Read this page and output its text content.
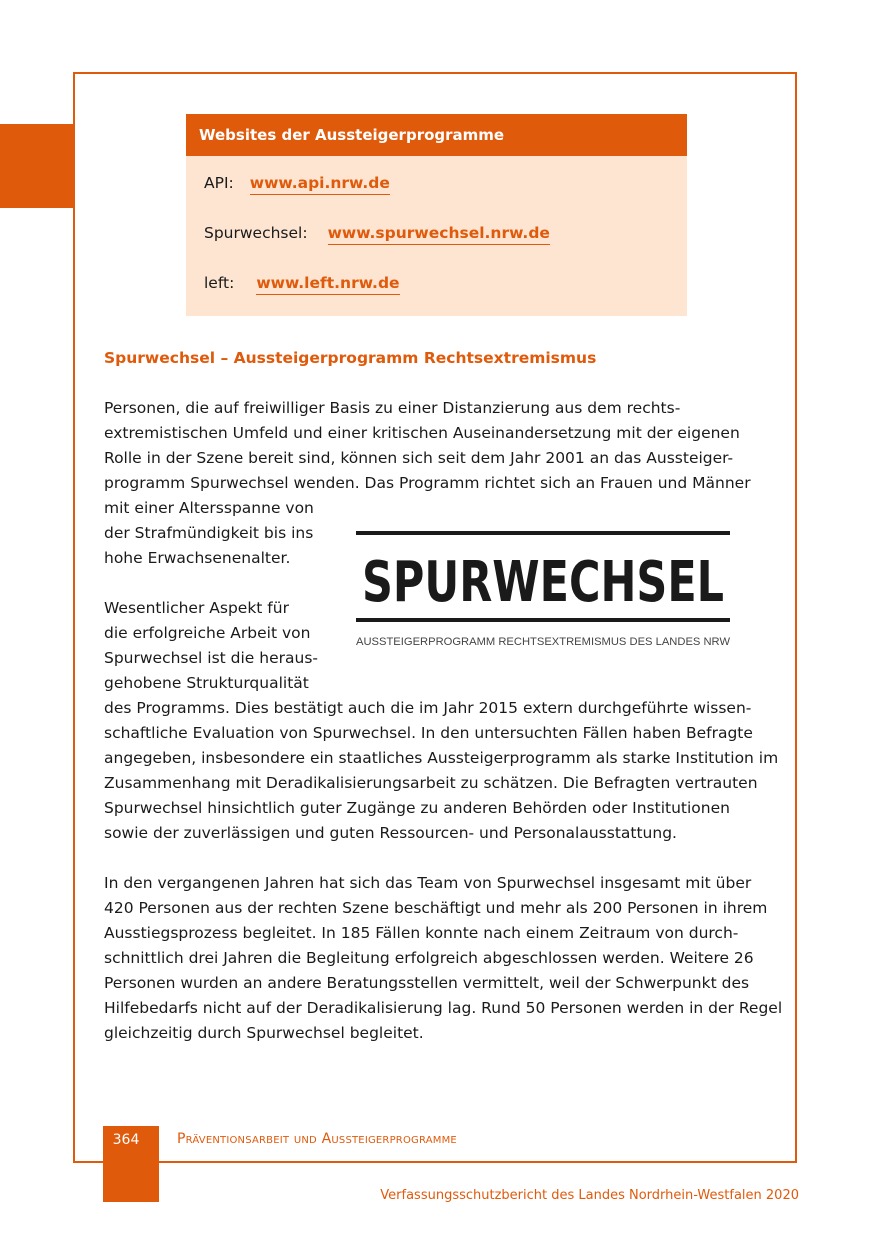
Websites der Aussteigerprogramme
API: www.api.nrw.de
Spurwechsel: www.spurwechsel.nrw.de
left: www.left.nrw.de
Spurwechsel – Aussteigerprogramm Rechtsextremismus
Personen, die auf freiwilliger Basis zu einer Distanzierung aus dem rechts-
extremistischen Umfeld und einer kritischen Auseinandersetzung mit der eigenen
Rolle in der Szene bereit sind, können sich seit dem Jahr 2001 an das Aussteiger-
programm Spurwechsel wenden. Das Programm richtet sich an Frauen und Männer
mit einer Altersspanne von
der Strafmündigkeit bis ins
hohe Erwachsenenalter.
Wesentlicher Aspekt für
die erfolgreiche Arbeit von
Spurwechsel ist die heraus-
gehobene Strukturqualität
des Programms. Dies bestätigt auch die im Jahr 2015 extern durchgeführte wissen-
schaftliche Evaluation von Spurwechsel. In den untersuchten Fällen haben Befragte
angegeben, insbesondere ein staatliches Aussteigerprogramm als starke Institution im
Zusammenhang mit Deradikalisierungsarbeit zu schätzen. Die Befragten vertrauten
Spurwechsel hinsichtlich guter Zugänge zu anderen Behörden oder Institutionen
sowie der zuverlässigen und guten Ressourcen- und Personalausstattung.
In den vergangenen Jahren hat sich das Team von Spurwechsel insgesamt mit über
420 Personen aus der rechten Szene beschäftigt und mehr als 200 Personen in ihrem
Ausstiegsprozess begleitet. In 185 Fällen konnte nach einem Zeitraum von durch-
schnittlich drei Jahren die Begleitung erfolgreich abgeschlossen werden. Weitere 26
Personen wurden an andere Beratungsstellen vermittelt, weil der Schwerpunkt des
Hilfebedarfs nicht auf der Deradikalisierung lag. Rund 50 Personen werden in der Regel
gleichzeitig durch Spurwechsel begleitet.
SPURWECHSEL
AUSSTEIGERPROGRAMM RECHTSEXTREMISMUS DES LANDES NRW
364	Präventionsarbeit und Aussteigerprogramme
Verfassungsschutzbericht des Landes Nordrhein-Westfalen 2020
